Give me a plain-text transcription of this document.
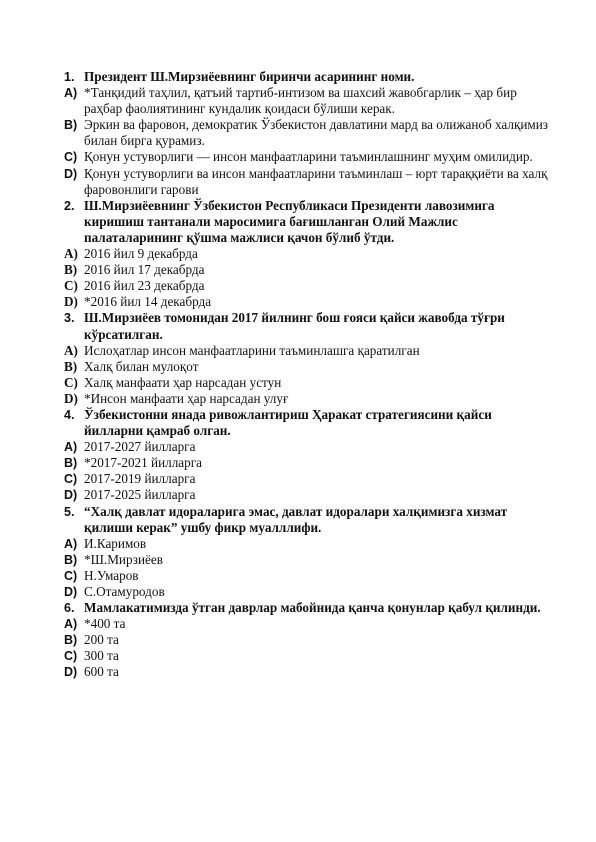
1. Президент Ш.Мирзиёевнинг биринчи асарининг номи.
A) *Танқидий таҳлил, қатъий тартиб-интизом ва шахсий жавобгарлик – ҳар бир раҳбар фаолиятининг кундалик қоидаси бўлиши керак.
B) Эркин ва фаровон, демократик Ўзбекистон давлатини мард ва олижаноб халқимиз билан бирга қурамиз.
C) Қонун устуворлиги — инсон манфаатларини таъминлашнинг муҳим омилидир.
D) Қонун устуворлиги ва инсон манфаатларини таъминлаш – юрт тараққиёти ва халқ фаровонлиги гарови
2. Ш.Мирзиёевнинг Ўзбекистон Республикаси Президенти лавозимига киришиш тантанали маросимига бағишланган Олий Мажлис палаталарининг қўшма мажлиси қачон бўлиб ўтди.
A) 2016 йил 9 декабрда
B) 2016 йил 17 декабрда
C) 2016 йил 23 декабрда
D) *2016 йил 14 декабрда
3. Ш.Мирзиёев томонидан 2017 йилнинг бош ғояси қайси жавобда тўғри кўрсатилган.
A) Ислоҳатлар инсон манфаатларини таъминлашга қаратилган
B) Халқ билан мулоқот
C) Халқ манфаати ҳар нарсадан устун
D) *Инсон манфаати ҳар нарсадан улуғ
4. Ўзбекистонни янада ривожлантириш Ҳаракат стратегиясини қайси йилларни қамраб олган.
A) 2017-2027 йилларга
B) *2017-2021 йилларга
C) 2017-2019 йилларга
D) 2017-2025 йилларга
5. “Халқ давлат идораларига эмас, давлат идоралари халқимизга хизмат қилиши керак” ушбу фикр муалллифи.
A) И.Каримов
B) *Ш.Мирзиёев
C) Н.Умаров
D) С.Отамуродов
6. Мамлакатимизда ўтган даврлар мабойнида қанча қонунлар қабул қилинди.
A) *400 та
B) 200 та
C) 300 та
D) 600 та
